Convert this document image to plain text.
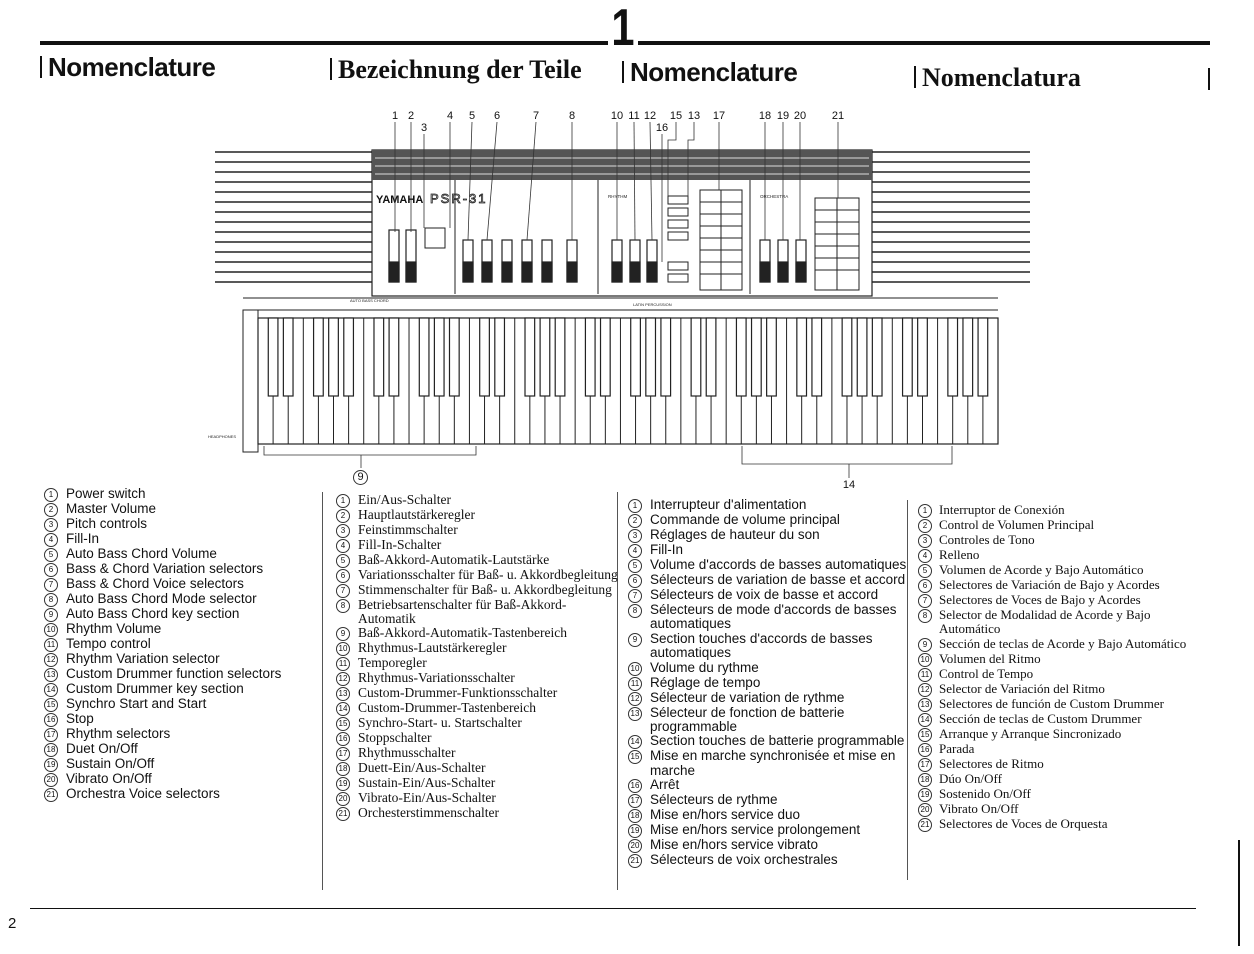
1
Nomenclature	Bezeichnung der Teile	Nomenclature	Nomenclatura
YAMAHA PSR-31	RHYTHM	ORCHESTRA
AUTO BASS CHORD
LATIN PERCUSSION
HEADPHONES
1 2
3
4	5	6	7	8	10 11 12 15 13
16
17	18 19 20 21
9
14
1 Power switch
2 Master Volume
3 Pitch controls
4 Fill-In
5 Auto Bass Chord Volume
6 Bass & Chord Variation selectors
7 Bass & Chord Voice selectors
8 Auto Bass Chord Mode selector
9 Auto Bass Chord key section
10 Rhythm Volume
11 Tempo control
12 Rhythm Variation selector
13 Custom Drummer function selectors
14 Custom Drummer key section
15 Synchro Start and Start
16 Stop
17 Rhythm selectors
18 Duet On/Off
19 Sustain On/Off
20 Vibrato On/Off
21 Orchestra Voice selectors
1 Ein/Aus-Schalter
2 Hauptlautstärkeregler
3 Feinstimmschalter
4 Fill-In-Schalter
5 Baß-Akkord-Automatik-Lautstärke
6 Variationsschalter für Baß- u. Akkordbegleitung
7 Stimmenschalter für Baß- u. Akkordbegleitung
8 Betriebsartenschalter für Baß-Akkord-Automatik
9 Baß-Akkord-Automatik-Tastenbereich
10 Rhythmus-Lautstärkeregler
11 Temporegler
12 Rhythmus-Variationsschalter
13 Custom-Drummer-Funktionsschalter
14 Custom-Drummer-Tastenbereich
15 Synchro-Start- u. Startschalter
16 Stoppschalter
17 Rhythmusschalter
18 Duett-Ein/Aus-Schalter
19 Sustain-Ein/Aus-Schalter
20 Vibrato-Ein/Aus-Schalter
21 Orchesterstimmenschalter
1 Interrupteur d'alimentation
2 Commande de volume principal
3 Réglages de hauteur du son
4 Fill-In
5 Volume d'accords de basses automatiques
6 Sélecteurs de variation de basse et accord
7 Sélecteurs de voix de basse et accord
8 Sélecteurs de mode d'accords de basses automatiques
9 Section touches d'accords de basses automatiques
10 Volume du rythme
11 Réglage de tempo
12 Sélecteur de variation de rythme
13 Sélecteur de fonction de batterie programmable
14 Section touches de batterie programmable
15 Mise en marche synchronisée et mise en marche
16 Arrêt
17 Sélecteurs de rythme
18 Mise en/hors service duo
19 Mise en/hors service prolongement
20 Mise en/hors service vibrato
21 Sélecteurs de voix orchestrales
1 Interruptor de Conexión
2 Control de Volumen Principal
3 Controles de Tono
4 Relleno
5 Volumen de Acorde y Bajo Automático
6 Selectores de Variación de Bajo y Acordes
7 Selectores de Voces de Bajo y Acordes
8 Selector de Modalidad de Acorde y Bajo Automático
9 Sección de teclas de Acorde y Bajo Automático
10 Volumen del Ritmo
11 Control de Tempo
12 Selector de Variación del Ritmo
13 Selectores de función de Custom Drummer
14 Sección de teclas de Custom Drummer
15 Arranque y Arranque Sincronizado
16 Parada
17 Selectores de Ritmo
18 Dúo On/Off
19 Sostenido On/Off
20 Vibrato On/Off
21 Selectores de Voces de Orquesta
2
